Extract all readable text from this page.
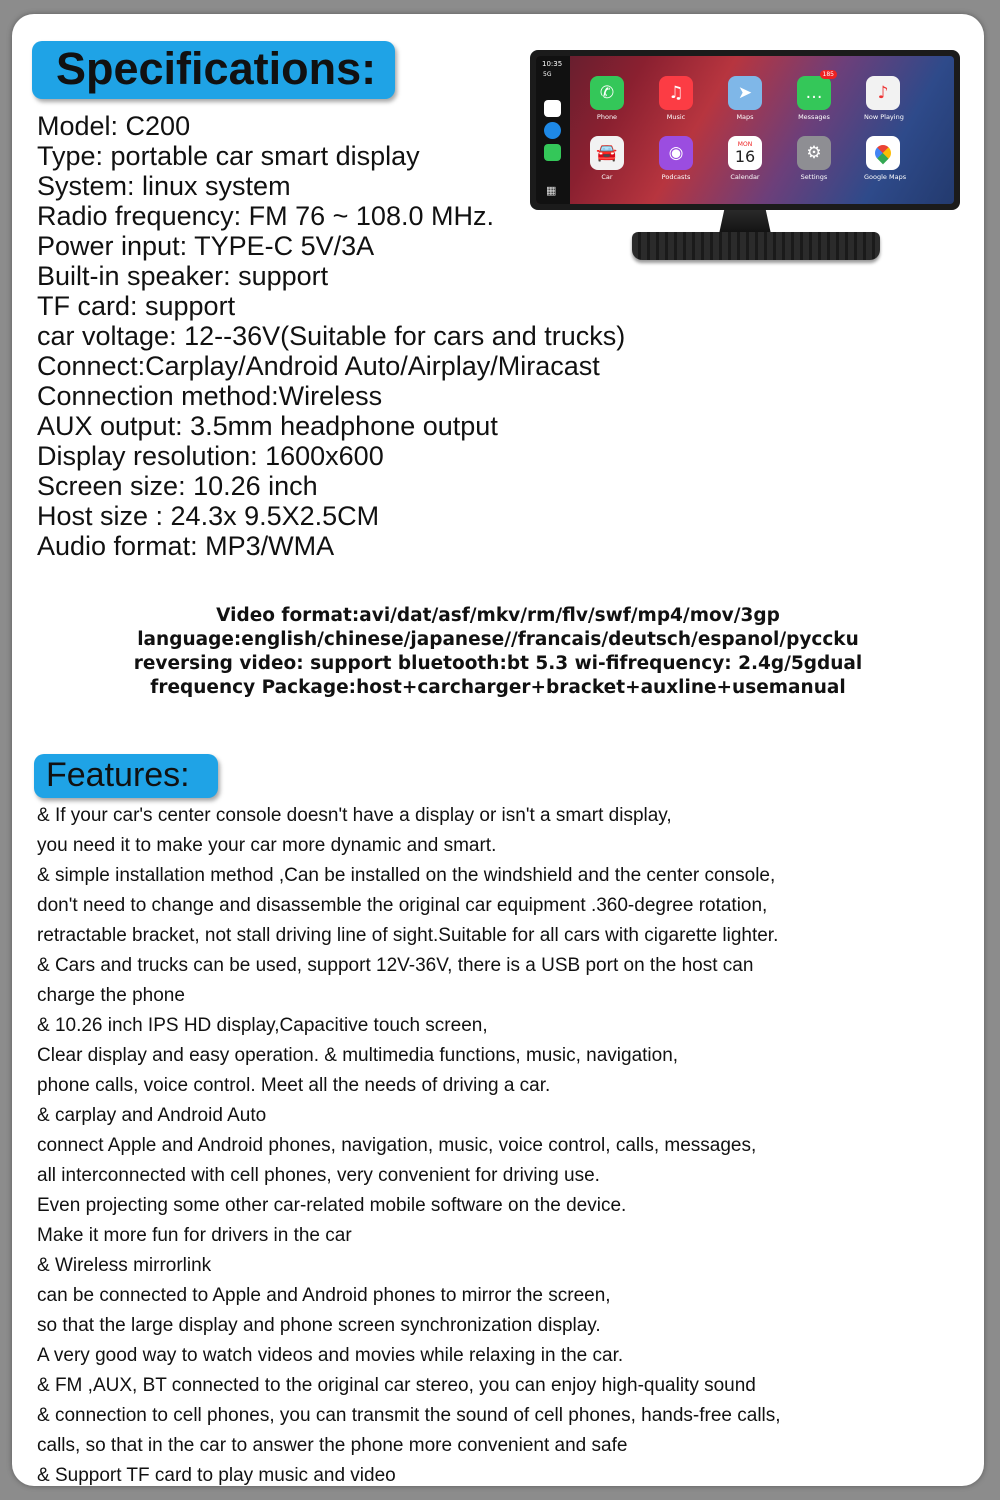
Specifications:
Model: C200
Type: portable car smart display
System: linux system
Radio frequency: FM 76 ~ 108.0 MHz.
Power input: TYPE-C 5V/3A
Built-in speaker: support
TF card: support
car voltage: 12--36V(Suitable for cars and trucks)
Connect:Carplay/Android Auto/Airplay/Miracast
Connection method:Wireless
AUX output: 3.5mm headphone output
Display resolution: 1600x600
Screen size: 10.26 inch
Host size : 24.3x 9.5X2.5CM
Audio format: MP3/WMA
Video format:avi/dat/asf/mkv/rm/flv/swf/mp4/mov/3gp
language:english/chinese/japanese//francais/deutsch/espanol/pyccku
reversing video: support bluetooth:bt 5.3 wi-fifrequency: 2.4g/5gdual
frequency Package:host+carcharger+bracket+auxline+usemanual
Features:
& If your car's center console doesn't have a display or isn't a smart display,
you need it to make your car more dynamic and smart.
& simple installation method ,Can be installed on the windshield and the center console,
don't need to change and disassemble the original car equipment .360-degree rotation,
retractable bracket, not stall driving line of sight.Suitable for all cars with cigarette lighter.
& Cars and trucks can be used, support 12V-36V, there is a USB port on the host can
charge the phone
& 10.26 inch IPS HD display,Capacitive touch screen,
Clear display and easy operation. & multimedia functions, music, navigation,
phone calls, voice control. Meet all the needs of driving a car.
& carplay and Android Auto
connect Apple and Android phones, navigation, music, voice control, calls, messages,
all interconnected with cell phones, very convenient for driving use.
Even projecting some other car-related mobile software on the device.
Make it more fun for drivers in the car
& Wireless mirrorlink
can be connected to Apple and Android phones to mirror the screen,
so that the large display and phone screen synchronization display.
A very good way to watch videos and movies while relaxing in the car.
& FM ,AUX, BT connected to the original car stereo, you can enjoy high-quality sound
& connection to cell phones, you can transmit the sound of cell phones, hands-free calls,
calls, so that in the car to answer the phone more convenient and safe
& Support TF card to play music and video
10:35
5G
▦
✆
Phone
♫
Music
➤
Maps
…
185
Messages
♪
Now Playing
🚘
Car
◉
Podcasts
MON
16
Calendar
⚙
Settings	Google Maps
